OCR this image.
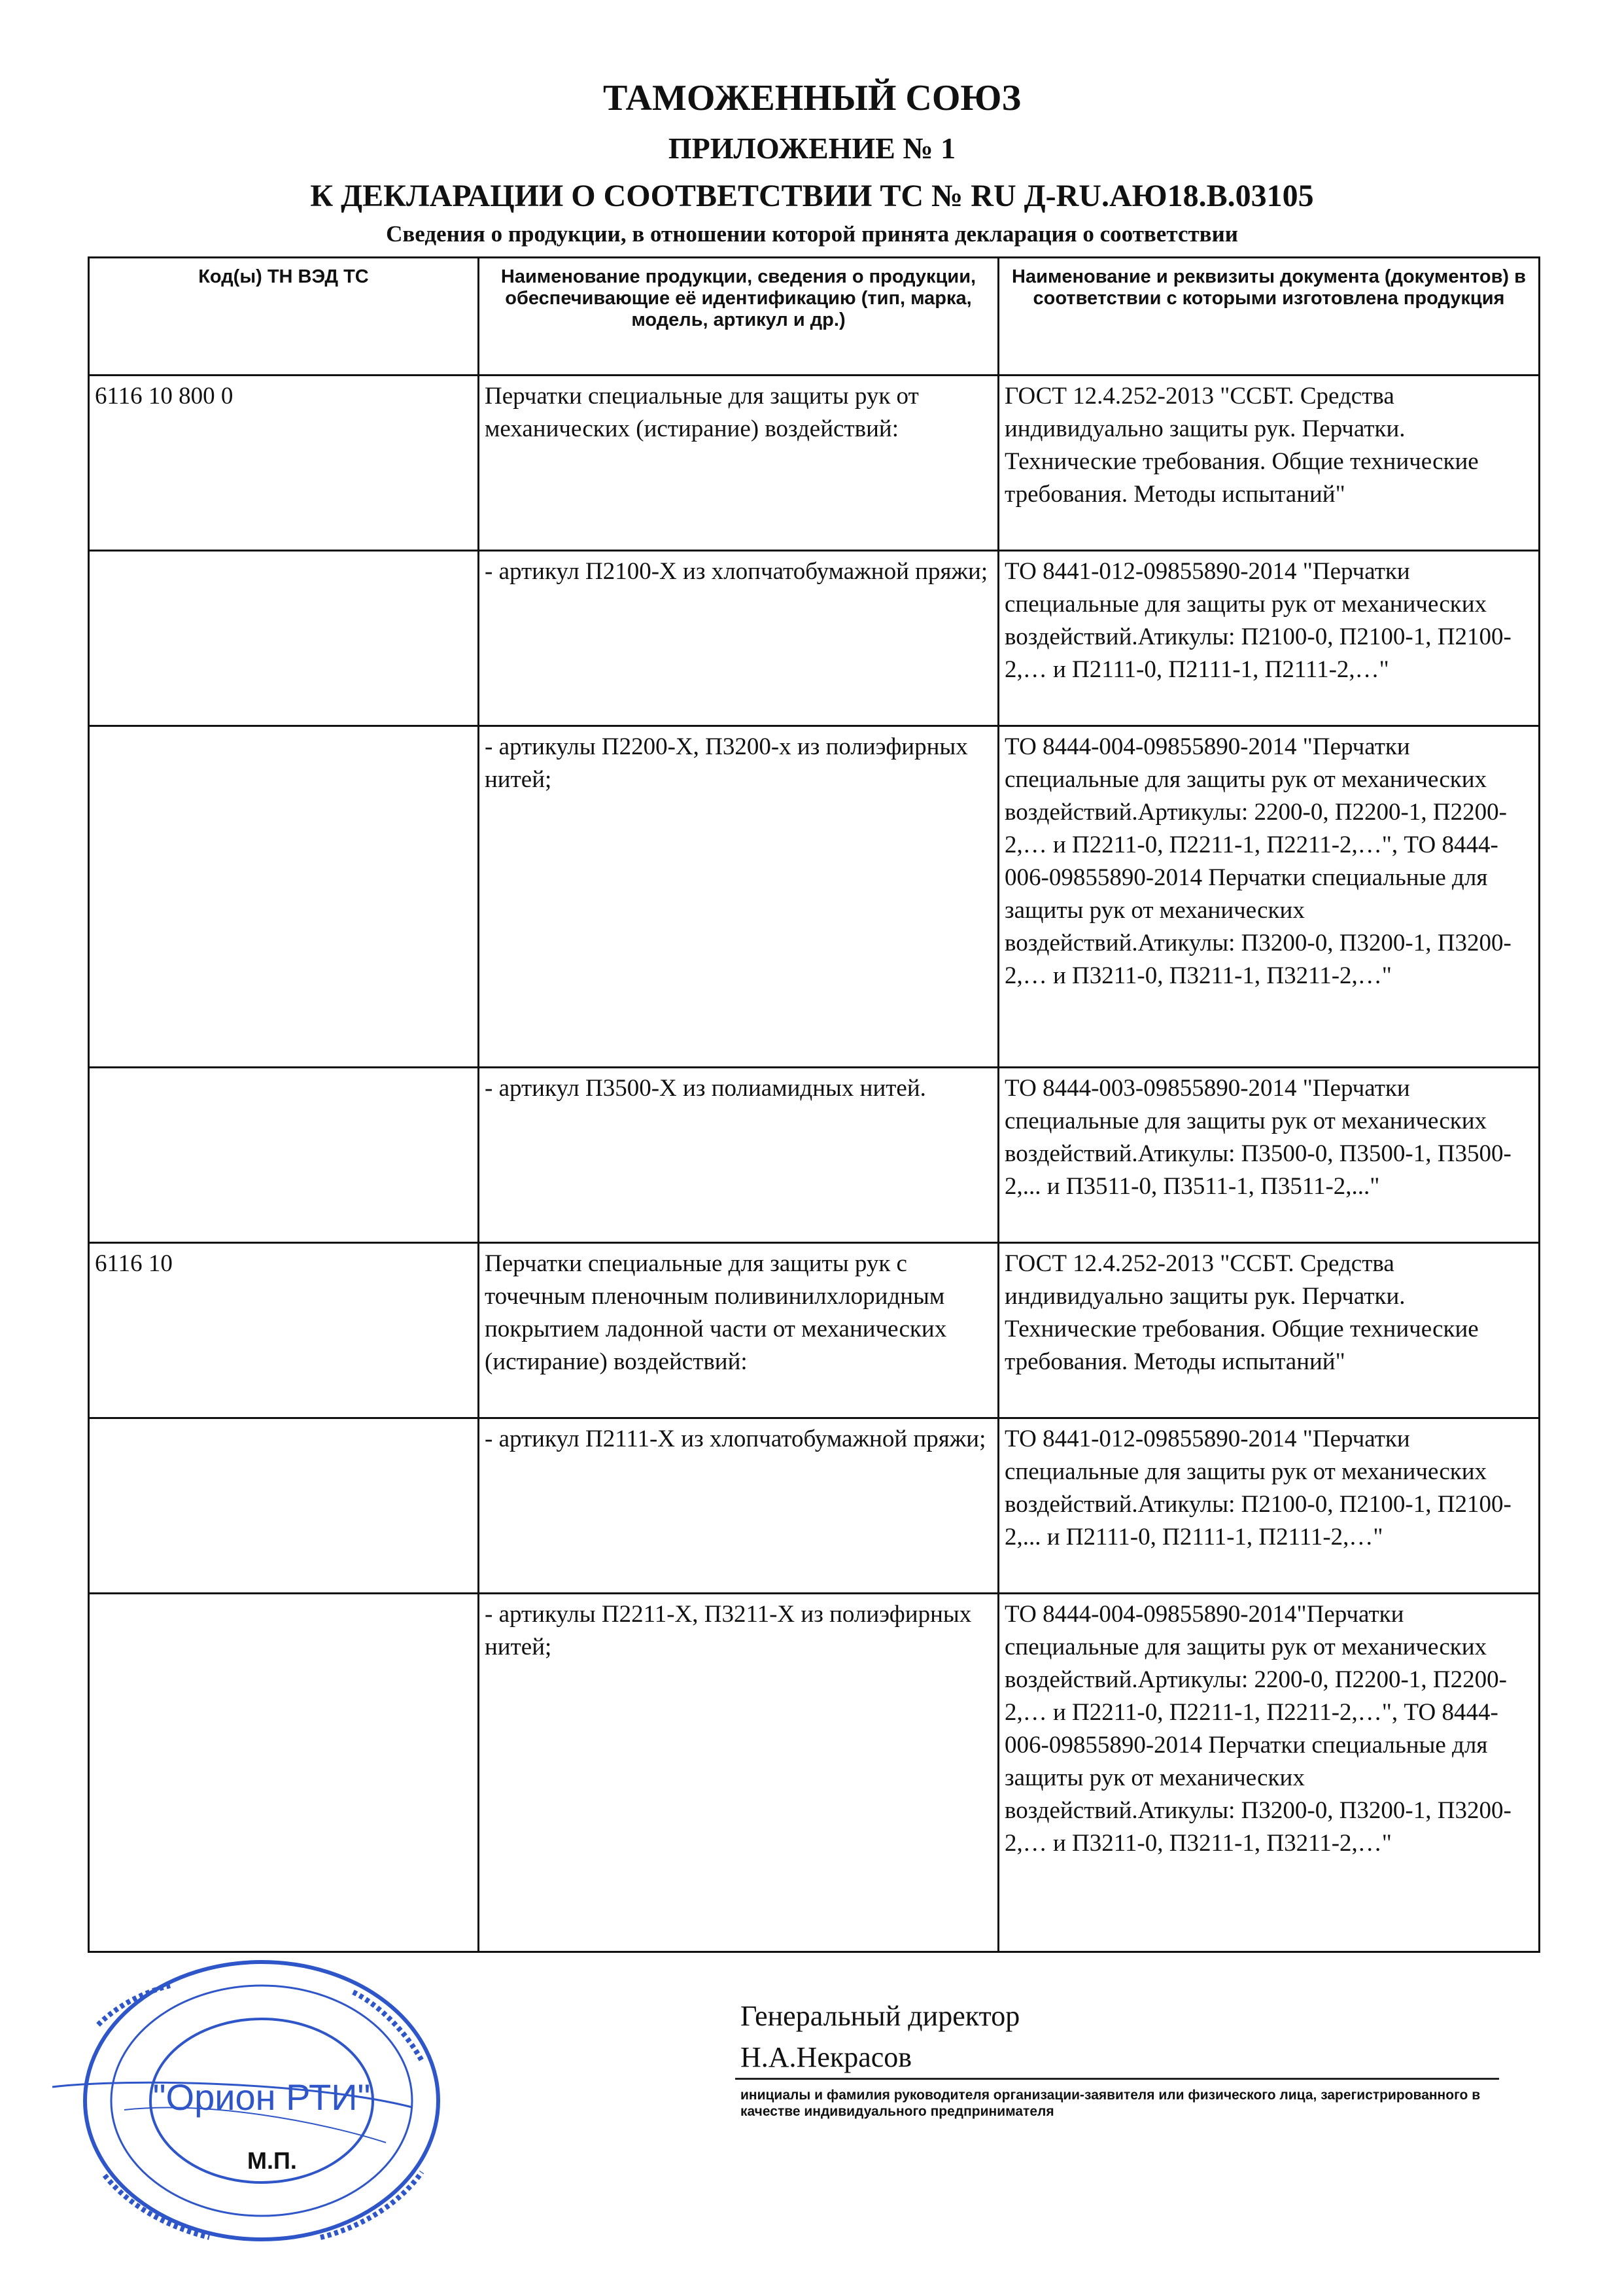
ТАМОЖЕННЫЙ СОЮЗ
ПРИЛОЖЕНИЕ № 1
К ДЕКЛАРАЦИИ О СООТВЕТСТВИИ ТС № RU Д-RU.АЮ18.В.03105
Сведения о продукции, в отношении которой принята декларация о соответствии
Код(ы) ТН ВЭД ТС	Наименование продукции, сведения о продукции, обеспечивающие её идентификацию (тип, марка, модель, артикул и др.)	Наименование и реквизиты документа (документов) в соответствии с которыми изготовлена продукция
6116 10 800 0	Перчатки специальные для защиты рук от механических (истирание) воздействий:	ГОСТ 12.4.252-2013 "ССБТ. Средства индивидуально защиты рук. Перчатки. Технические требования. Общие технические требования. Методы испытаний"
	- артикул П2100-Х из хлопчатобумажной пряжи;	ТО 8441-012-09855890-2014 "Перчатки специальные для защиты рук от механических воздействий.Атикулы: П2100-0, П2100-1, П2100-2,… и П2111-0, П2111-1, П2111-2,…"
	- артикулы П2200-Х, П3200-х из полиэфирных нитей;	ТО 8444-004-09855890-2014 "Перчатки специальные для защиты рук от механических воздействий.Артикулы: 2200-0, П2200-1, П2200-2,… и П2211-0, П2211-1, П2211-2,…", ТО 8444-006-09855890-2014 Перчатки специальные для защиты рук от механических воздействий.Атикулы: П3200-0, П3200-1, П3200-2,… и П3211-0, П3211-1, П3211-2,…"
	- артикул П3500-Х из полиамидных нитей.	ТО 8444-003-09855890-2014 "Перчатки специальные для защиты рук от механических воздействий.Атикулы: П3500-0, П3500-1, П3500-2,... и П3511-0, П3511-1, П3511-2,..."
6116 10	Перчатки специальные для защиты рук с точечным пленочным поливинилхлоридным покрытием ладонной части от механических (истирание) воздействий:	ГОСТ 12.4.252-2013 "ССБТ. Средства индивидуально защиты рук. Перчатки. Технические требования. Общие технические требования. Методы испытаний"
	- артикул П2111-Х из хлопчатобумажной пряжи;	ТО 8441-012-09855890-2014 "Перчатки специальные для защиты рук от механических воздействий.Атикулы: П2100-0, П2100-1, П2100-2,... и П2111-0, П2111-1, П2111-2,…"
	- артикулы П2211-Х, П3211-Х из полиэфирных нитей;	ТО 8444-004-09855890-2014"Перчатки специальные для защиты рук от механических воздействий.Артикулы: 2200-0, П2200-1, П2200-2,… и П2211-0, П2211-1, П2211-2,…", ТО 8444-006-09855890-2014 Перчатки специальные для защиты рук от механических воздействий.Атикулы: П3200-0, П3200-1, П3200-2,… и П3211-0, П3211-1, П3211-2,…"
Генеральный директор
Н.А.Некрасов
инициалы и фамилия руководителя организации-заявителя или физического лица, зарегистрированного в качестве индивидуального предпринимателя
"Орион РТИ"
М.П.
